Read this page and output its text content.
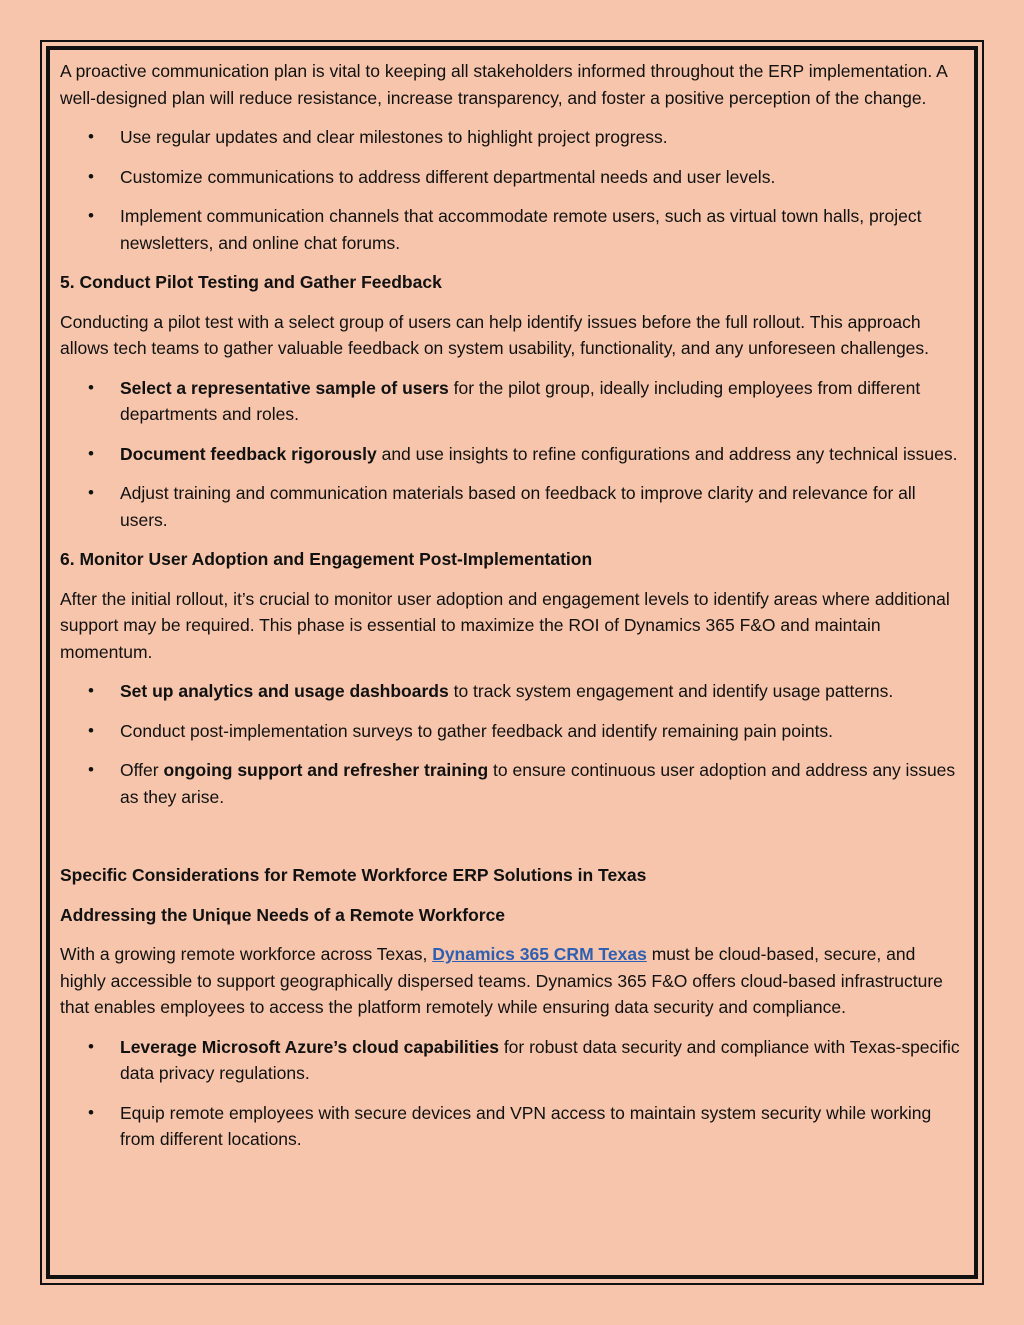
A proactive communication plan is vital to keeping all stakeholders informed throughout the ERP implementation. A well-designed plan will reduce resistance, increase transparency, and foster a positive perception of the change.

• Use regular updates and clear milestones to highlight project progress.
• Customize communications to address different departmental needs and user levels.
• Implement communication channels that accommodate remote users, such as virtual town halls, project newsletters, and online chat forums.
5. Conduct Pilot Testing and Gather Feedback

Conducting a pilot test with a select group of users can help identify issues before the full rollout. This approach allows tech teams to gather valuable feedback on system usability, functionality, and any unforeseen challenges.

• Select a representative sample of users for the pilot group, ideally including employees from different departments and roles.
• Document feedback rigorously and use insights to refine configurations and address any technical issues.
• Adjust training and communication materials based on feedback to improve clarity and relevance for all users.
6. Monitor User Adoption and Engagement Post-Implementation

After the initial rollout, it’s crucial to monitor user adoption and engagement levels to identify areas where additional support may be required. This phase is essential to maximize the ROI of Dynamics 365 F&O and maintain momentum.

• Set up analytics and usage dashboards to track system engagement and identify usage patterns.
• Conduct post-implementation surveys to gather feedback and identify remaining pain points.
• Offer ongoing support and refresher training to ensure continuous user adoption and address any issues as they arise.
Specific Considerations for Remote Workforce ERP Solutions in Texas
Addressing the Unique Needs of a Remote Workforce

With a growing remote workforce across Texas, Dynamics 365 CRM Texas must be cloud-based, secure, and highly accessible to support geographically dispersed teams. Dynamics 365 F&O offers cloud-based infrastructure that enables employees to access the platform remotely while ensuring data security and compliance.

• Leverage Microsoft Azure’s cloud capabilities for robust data security and compliance with Texas-specific data privacy regulations.
• Equip remote employees with secure devices and VPN access to maintain system security while working from different locations.
